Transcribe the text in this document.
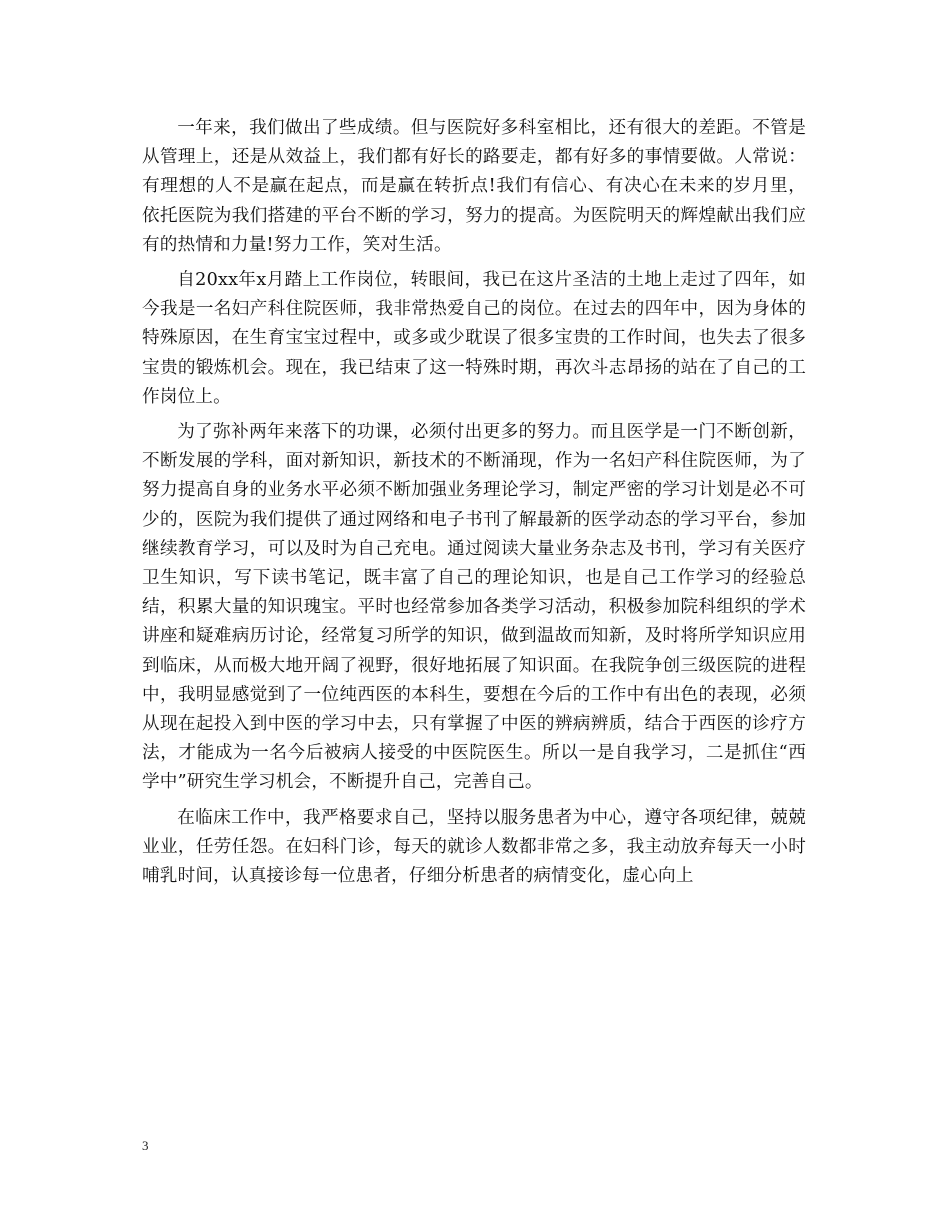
一年来，我们做出了些成绩。但与医院好多科室相比，还有很大的差距。不管是从管理上，还是从效益上，我们都有好长的路要走，都有好多的事情要做。人常说：有理想的人不是赢在起点，而是赢在转折点!我们有信心、有决心在未来的岁月里，依托医院为我们搭建的平台不断的学习，努力的提高。为医院明天的辉煌献出我们应有的热情和力量!努力工作，笑对生活。

自20xx年x月踏上工作岗位，转眼间，我已在这片圣洁的土地上走过了四年，如今我是一名妇产科住院医师，我非常热爱自己的岗位。在过去的四年中，因为身体的特殊原因，在生育宝宝过程中，或多或少耽误了很多宝贵的工作时间，也失去了很多宝贵的锻炼机会。现在，我已结束了这一特殊时期，再次斗志昂扬的站在了自己的工作岗位上。

为了弥补两年来落下的功课，必须付出更多的努力。而且医学是一门不断创新，不断发展的学科，面对新知识，新技术的不断涌现，作为一名妇产科住院医师，为了努力提高自身的业务水平必须不断加强业务理论学习，制定严密的学习计划是必不可少的，医院为我们提供了通过网络和电子书刊了解最新的医学动态的学习平台，参加继续教育学习，可以及时为自己充电。通过阅读大量业务杂志及书刊，学习有关医疗卫生知识，写下读书笔记，既丰富了自己的理论知识，也是自己工作学习的经验总结，积累大量的知识瑰宝。平时也经常参加各类学习活动，积极参加院科组织的学术讲座和疑难病历讨论，经常复习所学的知识，做到温故而知新，及时将所学知识应用到临床，从而极大地开阔了视野，很好地拓展了知识面。在我院争创三级医院的进程中，我明显感觉到了一位纯西医的本科生，要想在今后的工作中有出色的表现，必须从现在起投入到中医的学习中去，只有掌握了中医的辨病辨质，结合于西医的诊疗方法，才能成为一名今后被病人接受的中医院医生。所以一是自我学习，二是抓住“西学中”研究生学习机会，不断提升自己，完善自己。

在临床工作中，我严格要求自己，坚持以服务患者为中心，遵守各项纪律，兢兢业业，任劳任怨。在妇科门诊，每天的就诊人数都非常之多，我主动放弃每天一小时哺乳时间，认真接诊每一位患者，仔细分析患者的病情变化，虚心向上

3
